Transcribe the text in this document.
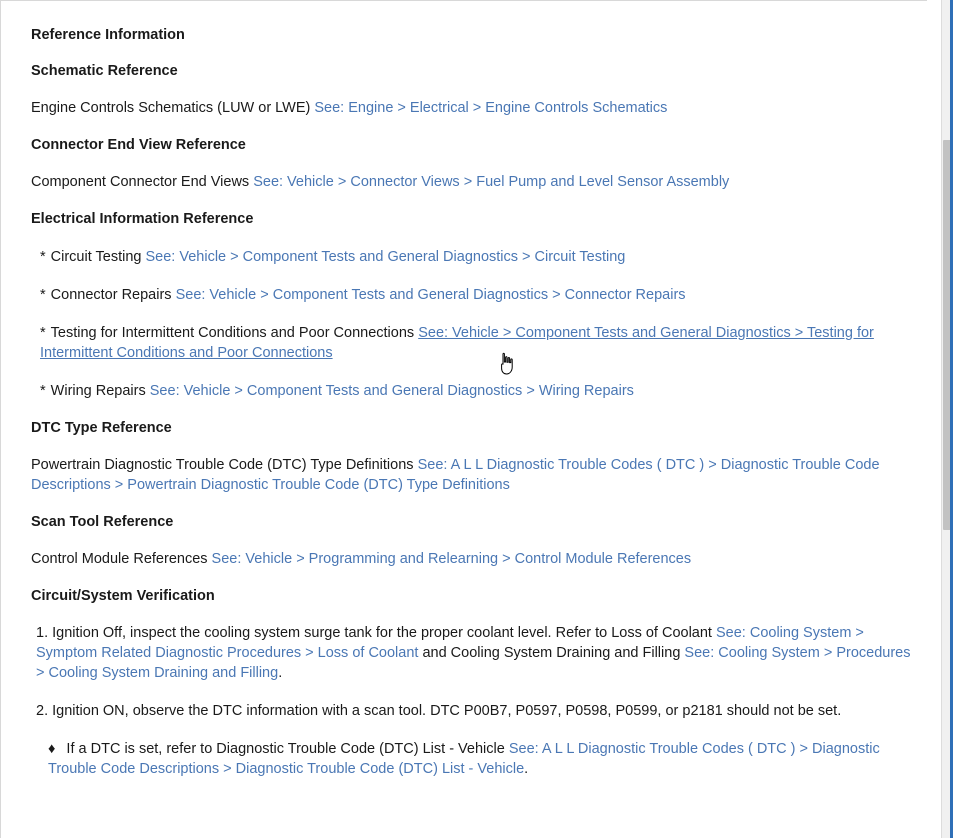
Reference Information
Schematic Reference

Engine Controls Schematics (LUW or LWE) See: Engine > Electrical > Engine Controls Schematics

Connector End View Reference

Component Connector End Views See: Vehicle > Connector Views > Fuel Pump and Level Sensor Assembly

Electrical Information Reference

* Circuit Testing See: Vehicle > Component Tests and General Diagnostics > Circuit Testing

* Connector Repairs See: Vehicle > Component Tests and General Diagnostics > Connector Repairs

* Testing for Intermittent Conditions and Poor Connections See: Vehicle > Component Tests and General Diagnostics > Testing for Intermittent Conditions and Poor Connections

* Wiring Repairs See: Vehicle > Component Tests and General Diagnostics > Wiring Repairs

DTC Type Reference

Powertrain Diagnostic Trouble Code (DTC) Type Definitions See: A L L Diagnostic Trouble Codes ( DTC ) > Diagnostic Trouble Code Descriptions > Powertrain Diagnostic Trouble Code (DTC) Type Definitions

Scan Tool Reference

Control Module References See: Vehicle > Programming and Relearning > Control Module References

Circuit/System Verification

1. Ignition Off, inspect the cooling system surge tank for the proper coolant level. Refer to Loss of Coolant See: Cooling System > Symptom Related Diagnostic Procedures > Loss of Coolant and Cooling System Draining and Filling See: Cooling System > Procedures > Cooling System Draining and Filling.

2. Ignition ON, observe the DTC information with a scan tool. DTC P00B7, P0597, P0598, P0599, or p2181 should not be set.

♦ If a DTC is set, refer to Diagnostic Trouble Code (DTC) List - Vehicle See: A L L Diagnostic Trouble Codes ( DTC ) > Diagnostic Trouble Code Descriptions > Diagnostic Trouble Code (DTC) List - Vehicle.
